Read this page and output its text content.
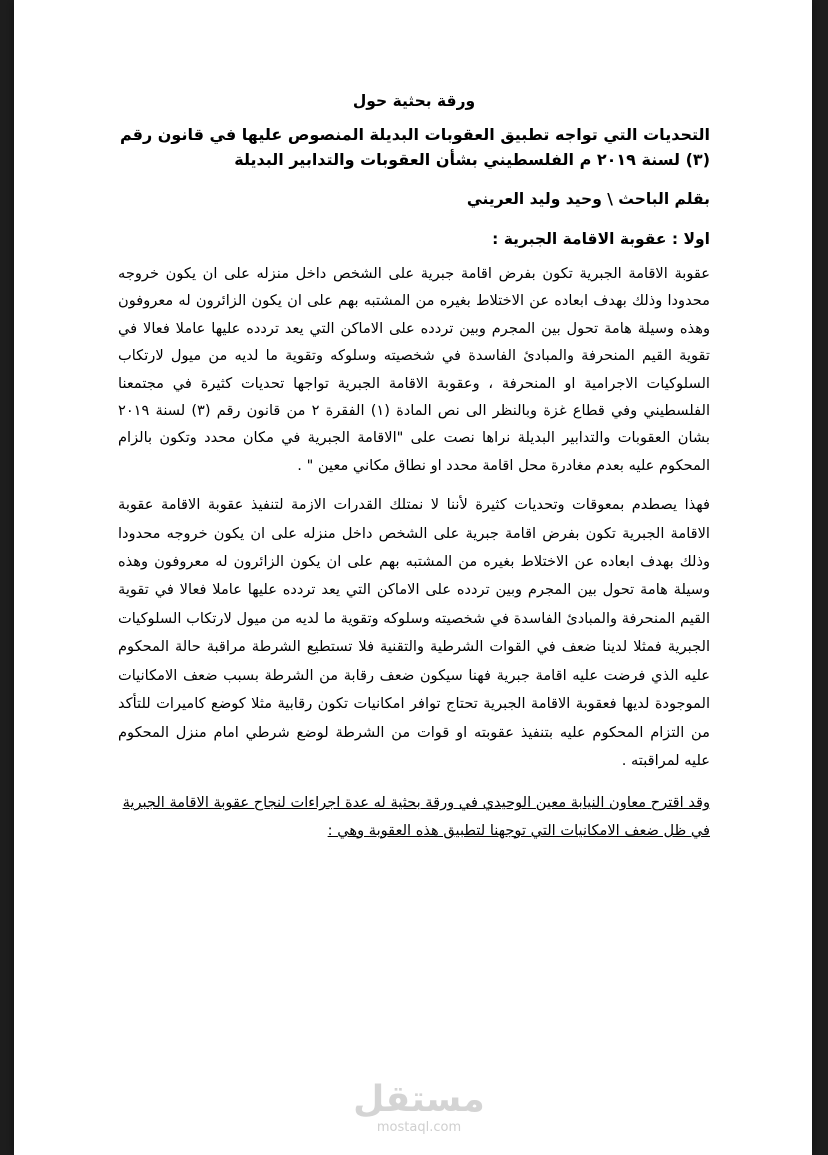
ورقة بحثية حول
التحديات التي تواجه تطبيق العقوبات البديلة المنصوص عليها في قانون رقم (٣) لسنة ٢٠١٩ م الفلسطيني بشأن العقوبات والتدابير البديلة
بقلم الباحث \ وحيد وليد العريني
اولا : عقوبة الاقامة الجبرية :

عقوبة الاقامة الجبرية تكون بفرض اقامة جبرية على الشخص داخل منزله على ان يكون خروجه محدودا وذلك بهدف ابعاده عن الاختلاط بغيره من المشتبه بهم على ان يكون الزائرون له معروفون وهذه وسيلة هامة تحول بين المجرم وبين تردده على الاماكن التي يعد تردده عليها عاملا فعالا في تقوية القيم المنحرفة والمبادئ الفاسدة في شخصيته وسلوكه وتقوية ما لديه من ميول لارتكاب السلوكيات الاجرامية او المنحرفة ، وعقوبة الاقامة الجبرية تواجها تحديات كثيرة في مجتمعنا الفلسطيني وفي قطاع غزة وبالنظر الى نص المادة (١) الفقرة ٢ من قانون رقم (٣) لسنة ٢٠١٩ بشان العقوبات والتدابير البديلة نراها نصت على "الاقامة الجبرية في مكان محدد وتكون بالزام المحكوم عليه بعدم مغادرة محل اقامة محدد او نطاق مكاني معين " .

فهذا يصطدم بمعوقات وتحديات كثيرة لأننا لا نمتلك القدرات الازمة لتنفيذ عقوبة الاقامة عقوبة الاقامة الجبرية تكون بفرض اقامة جبرية على الشخص داخل منزله على ان يكون خروجه محدودا وذلك بهدف ابعاده عن الاختلاط بغيره من المشتبه بهم على ان يكون الزائرون له معروفون وهذه وسيلة هامة تحول بين المجرم وبين تردده على الاماكن التي يعد تردده عليها عاملا فعالا في تقوية القيم المنحرفة والمبادئ الفاسدة في شخصيته وسلوكه وتقوية ما لديه من ميول لارتكاب السلوكيات الجبرية فمثلا لدينا ضعف في القوات الشرطية والتقنية فلا تستطيع الشرطة مراقبة حالة المحكوم عليه الذي فرضت عليه اقامة جبرية فهنا سيكون ضعف رقابة من الشرطة بسبب ضعف الامكانيات الموجودة لديها فعقوبة الاقامة الجبرية تحتاج توافر امكانيات تكون رقابية مثلا كوضع كاميرات للتأكد من التزام المحكوم عليه بتنفيذ عقوبته او قوات من الشرطة لوضع شرطي امام منزل المحكوم عليه لمراقبته .

وقد اقترح معاون النيابة معين الوحيدي في ورقة بحثية له عدة اجراءات لنجاح عقوبة الاقامة الجبرية في ظل ضعف الامكانيات التي توجهنا لتطبيق هذه العقوبة وهي :

مستقل
mostaql.com
